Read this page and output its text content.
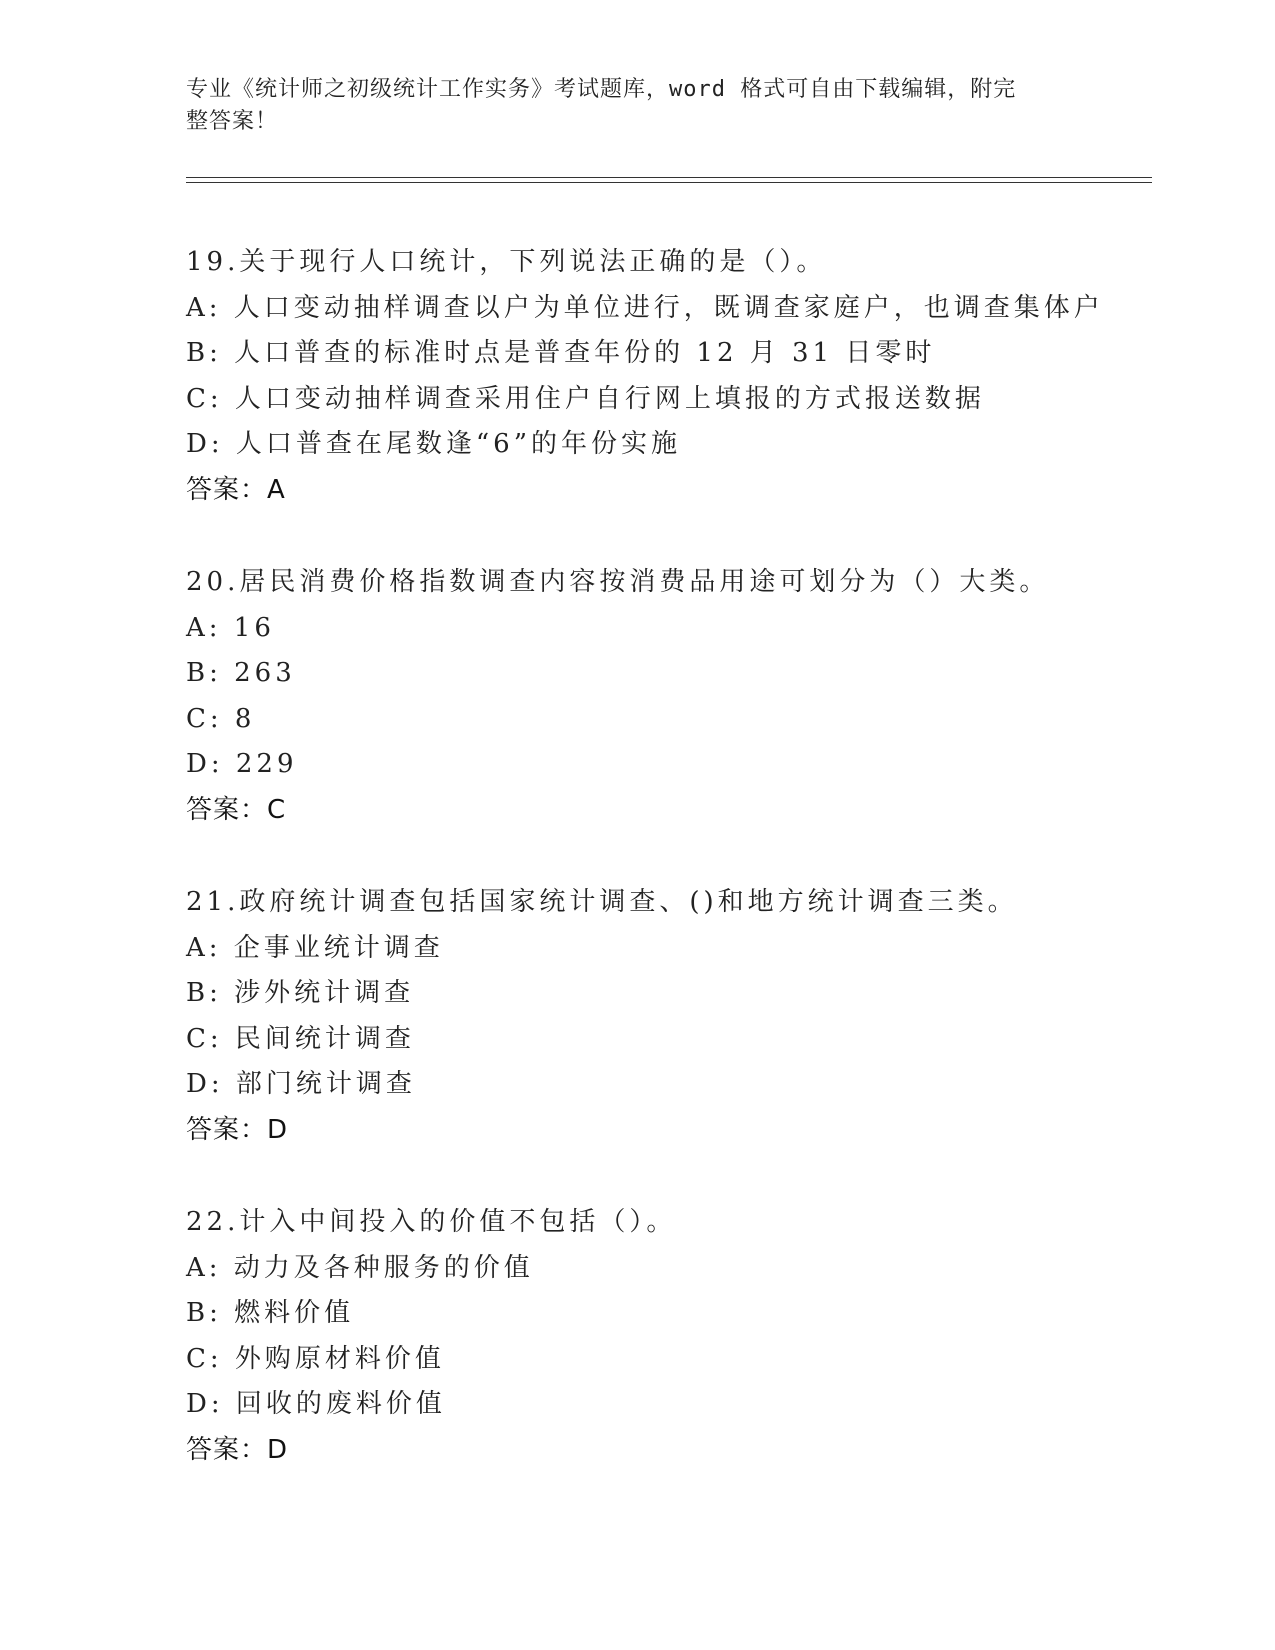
专业《统计师之初级统计工作实务》考试题库，word 格式可自由下载编辑，附完
整答案！
19.关于现行人口统计，下列说法正确的是（）。
A: 人口变动抽样调查以户为单位进行，既调查家庭户，也调查集体户
B: 人口普查的标准时点是普查年份的 12 月 31 日零时
C: 人口变动抽样调查采用住户自行网上填报的方式报送数据
D: 人口普查在尾数逢“6”的年份实施
答案：A
20.居民消费价格指数调查内容按消费品用途可划分为（）大类。
A: 16
B: 263
C: 8
D: 229
答案：C
21.政府统计调查包括国家统计调查、()和地方统计调查三类。
A: 企事业统计调查
B: 涉外统计调查
C: 民间统计调查
D: 部门统计调查
答案：D
22.计入中间投入的价值不包括（）。
A: 动力及各种服务的价值
B: 燃料价值
C: 外购原材料价值
D: 回收的废料价值
答案：D
